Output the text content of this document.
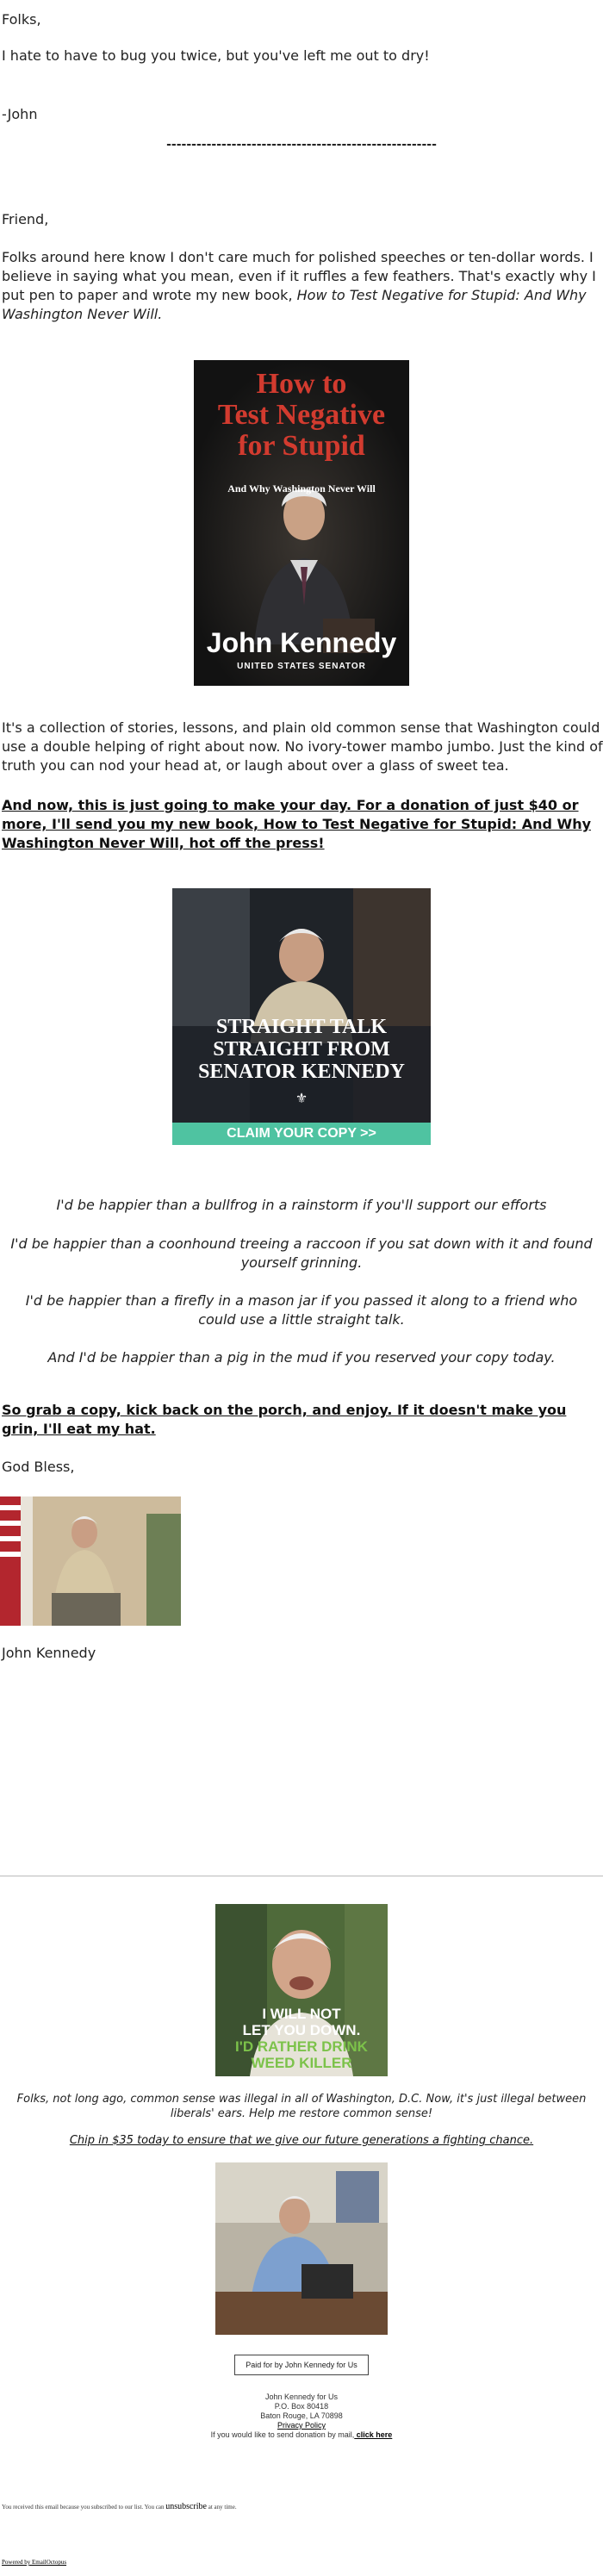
Folks,

I hate to have to bug you twice, but you've left me out to dry!

-John

------------------------------------------------------

Friend,

Folks around here know I don't care much for polished speeches or ten-dollar words. I believe in saying what you mean, even if it ruffles a few feathers. That's exactly why I put pen to paper and wrote my new book, How to Test Negative for Stupid: And Why Washington Never Will.

How to
Test Negative
for Stupid
And Why Washington Never Will
John Kennedy
UNITED STATES SENATOR

It's a collection of stories, lessons, and plain old common sense that Washington could use a double helping of right about now. No ivory-tower mambo jumbo. Just the kind of truth you can nod your head at, or laugh about over a glass of sweet tea.

And now, this is just going to make your day. For a donation of just $40 or more, I'll send you my new book, How to Test Negative for Stupid: And Why Washington Never Will, hot off the press!

STRAIGHT TALK
STRAIGHT FROM
SENATOR KENNEDY
⚜
CLAIM YOUR COPY >>
I'd be happier than a bullfrog in a rainstorm if you'll support our efforts
I'd be happier than a coonhound treeing a raccoon if you sat down with it and found yourself grinning.
I'd be happier than a firefly in a mason jar if you passed it along to a friend who could use a little straight talk.
And I'd be happier than a pig in the mud if you reserved your copy today.

So grab a copy, kick back on the porch, and enjoy. If it doesn't make you grin, I'll eat my hat.

God Bless,

John Kennedy

I WILL NOT
LET YOU DOWN.
I'D RATHER DRINK
WEED KILLER
Folks, not long ago, common sense was illegal in all of Washington, D.C. Now, it's just illegal between liberals' ears. Help me restore common sense!
Chip in $35 today to ensure that we give our future generations a fighting chance.
Paid for by John Kennedy for Us
John Kennedy for Us
P.O. Box 80418
Baton Rouge, LA 70898
Privacy Policy
If you would like to send donation by mail, click here
You received this email because you subscribed to our list. You can unsubscribe at any time.
Powered by EmailOctopus
